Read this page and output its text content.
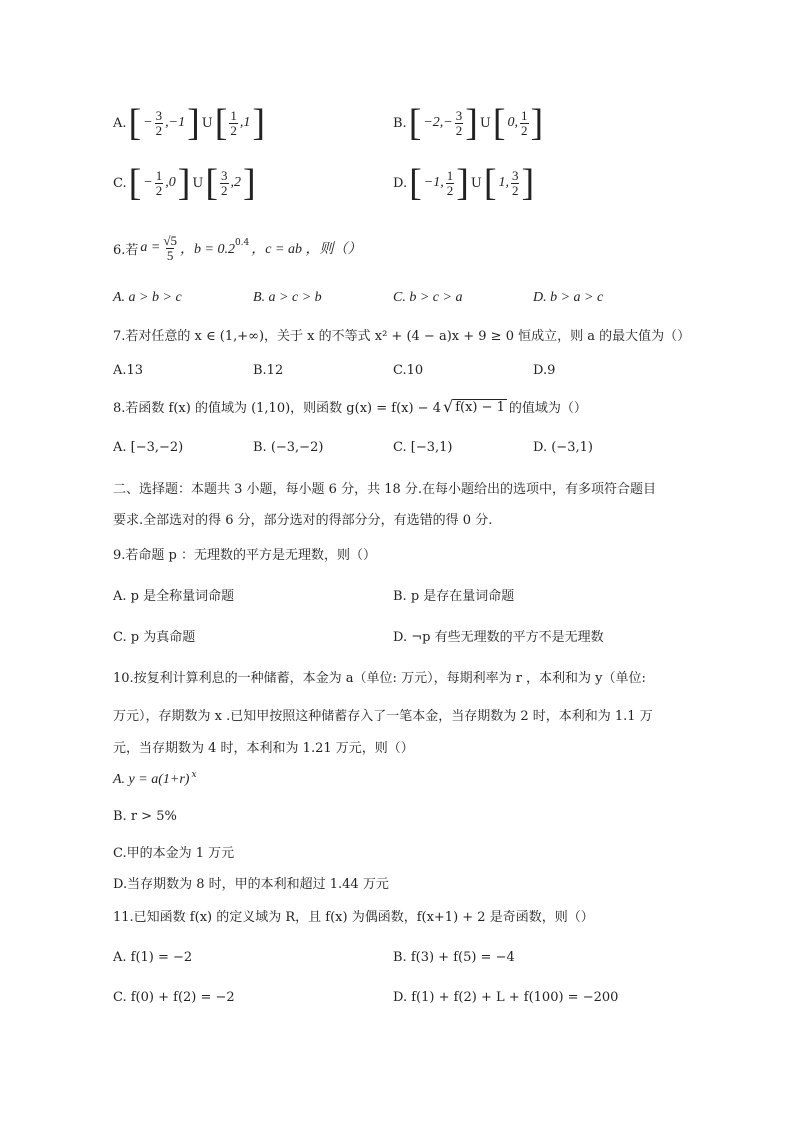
A. [ − $\frac{3}{2} ,-1$ ] U [ $\frac{1}{2} ,1$ ]	B. [ $-2,- \frac{3}{2}$ ] U [ 0, $\frac{1}{2}$ ]
C. [ − $\frac{1}{2} ,0$ ] U [ $\frac{3}{2} ,2$ ]	D. [ −1, $\frac{1}{2}$ ] U [ 1, $\frac{3}{2}$ ]
6.若 $a = \frac{√5}{5}$ ，$b = 0.2^{0.4}$ ，c = ab ，则（）
A. a > b > c	B. a > c > b	C. b > c > a	D. b > a > c
7.若对任意的 x ∈ (1,+∞)，关于 x 的不等式 x² + (4 − a)x + 9 ≥ 0 恒成立，则 a 的最大值为（）
A.13	B.12	C.10	D.9
8.若函数 f(x) 的值域为 (1,10)，则函数 g(x) = f(x) − 4 √ f(x) − 1 的值域为（）
A. [−3,−2)	B. (−3,−2)	C. [−3,1)	D. (−3,1)
二、选择题：本题共 3 小题，每小题 6 分，共 18 分.在每小题给出的选项中，有多项符合题目
要求.全部选对的得 6 分，部分选对的得部分分，有选错的得 0 分.
9.若命题 p ：无理数的平方是无理数，则（）
A. p 是全称量词命题	B. p 是存在量词命题
C. p 为真命题	D. ¬p 有些无理数的平方不是无理数
10.按复利计算利息的一种储蓄，本金为 a（单位: 万元），每期利率为 r ，本利和为 y（单位:
万元），存期数为 x .已知甲按照这种储蓄存入了一笔本金，当存期数为 2 时，本利和为 1.1 万
元，当存期数为 4 时，本利和为 1.21 万元，则（）
A. $y = a(1+r)^x$
B. r > 5%
C.甲的本金为 1 万元
D.当存期数为 8 时，甲的本利和超过 1.44 万元
11.已知函数 f(x) 的定义域为 R，且 f(x) 为偶函数，f(x+1) + 2 是奇函数，则（）
A. f(1) = −2	B. f(3) + f(5) = −4
C. f(0) + f(2) = −2	D. f(1) + f(2) + L + f(100) = −200
